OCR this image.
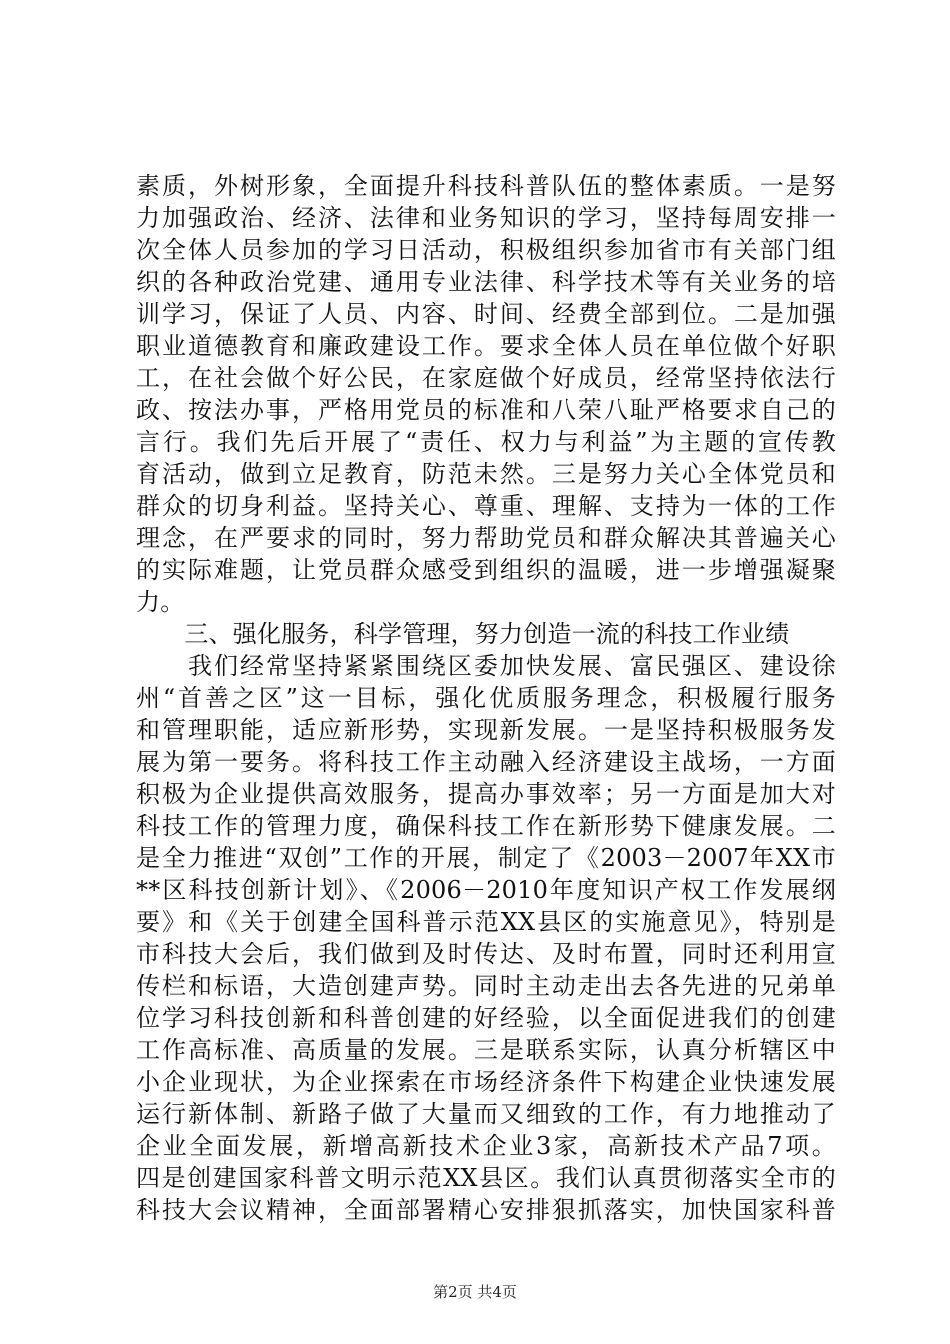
素质，外树形象，全面提升科技科普队伍的整体素质。一是努
力加强政治、经济、法律和业务知识的学习，坚持每周安排一
次全体人员参加的学习日活动，积极组织参加省市有关部门组
织的各种政治党建、通用专业法律、科学技术等有关业务的培
训学习，保证了人员、内容、时间、经费全部到位。二是加强
职业道德教育和廉政建设工作。要求全体人员在单位做个好职
工，在社会做个好公民，在家庭做个好成员，经常坚持依法行
政、按法办事，严格用党员的标准和八荣八耻严格要求自己的
言行。我们先后开展了“责任、权力与利益”为主题的宣传教
育活动，做到立足教育，防范未然。三是努力关心全体党员和
群众的切身利益。坚持关心、尊重、理解、支持为一体的工作
理念，在严要求的同时，努力帮助党员和群众解决其普遍关心
的实际难题，让党员群众感受到组织的温暖，进一步增强凝聚
力。
　　三、强化服务，科学管理，努力创造一流的科技工作业绩
　　我们经常坚持紧紧围绕区委加快发展、富民强区、建设徐
州“首善之区”这一目标，强化优质服务理念，积极履行服务
和管理职能，适应新形势，实现新发展。一是坚持积极服务发
展为第一要务。将科技工作主动融入经济建设主战场，一方面
积极为企业提供高效服务，提高办事效率；另一方面是加大对
科技工作的管理力度，确保科技工作在新形势下健康发展。二
是全力推进“双创”工作的开展，制定了《2003－2007年XX市
**区科技创新计划》、《2006－2010年度知识产权工作发展纲
要》和《关于创建全国科普示范XX县区的实施意见》，特别是
市科技大会后，我们做到及时传达、及时布置，同时还利用宣
传栏和标语，大造创建声势。同时主动走出去各先进的兄弟单
位学习科技创新和科普创建的好经验，以全面促进我们的创建
工作高标准、高质量的发展。三是联系实际，认真分析辖区中
小企业现状，为企业探索在市场经济条件下构建企业快速发展
运行新体制、新路子做了大量而又细致的工作，有力地推动了
企业全面发展，新增高新技术企业3家，高新技术产品7项。
四是创建国家科普文明示范XX县区。我们认真贯彻落实全市的
科技大会议精神，全面部署精心安排狠抓落实，加快国家科普
第2页 共4页
